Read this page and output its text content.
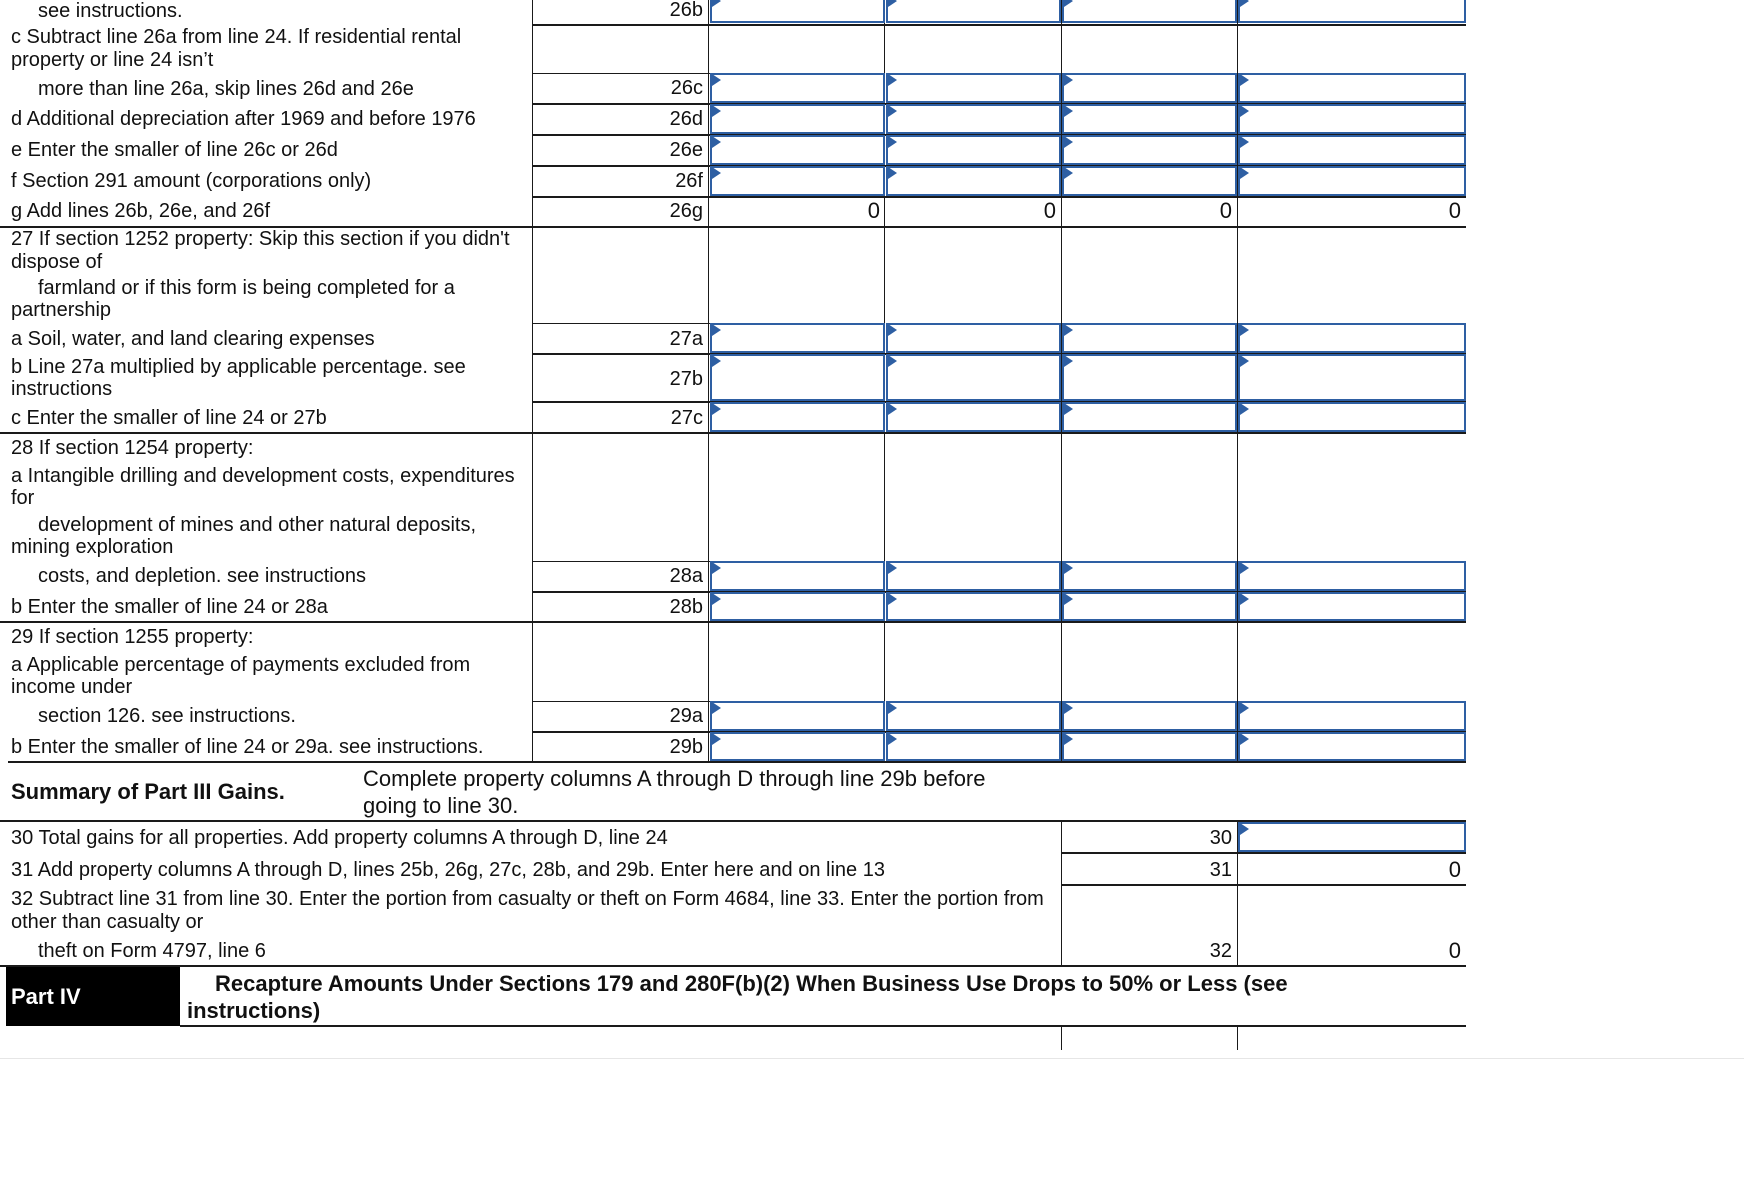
see instructions.	26b
c Subtract line 26a from line 24. If residential rental
property or line 24 isn’t
more than line 26a, skip lines 26d and 26e	26c
d Additional depreciation after 1969 and before 1976	26d
e Enter the smaller of line 26c or 26d	26e
f Section 291 amount (corporations only)	26f
g Add lines 26b, 26e, and 26f	26g	0	0	0	0
27 If section 1252 property: Skip this section if you didn't
dispose of
farmland or if this form is being completed for a
partnership
a Soil, water, and land clearing expenses	27a
b Line 27a multiplied by applicable percentage. see
instructions	27b
c Enter the smaller of line 24 or 27b	27c
28 If section 1254 property:
a Intangible drilling and development costs, expenditures
for
development of mines and other natural deposits,
mining exploration
costs, and depletion. see instructions	28a
b Enter the smaller of line 24 or 28a	28b
29 If section 1255 property:
a Applicable percentage of payments excluded from
income under
section 126. see instructions.	29a
b Enter the smaller of line 24 or 29a. see instructions.	29b
Summary of Part III Gains.
Complete property columns A through D through line 29b before
going to line 30.
30 Total gains for all properties. Add property columns A through D, line 24	30
31 Add property columns A through D, lines 25b, 26g, 27c, 28b, and 29b. Enter here and on line 13	31	0
32 Subtract line 31 from line 30. Enter the portion from casualty or theft on Form 4684, line 33. Enter the portion from
other than casualty or
theft on Form 4797, line 6	32	0
Part IV
Recapture Amounts Under Sections 179 and 280F(b)(2) When Business Use Drops to 50% or Less (see
instructions)
